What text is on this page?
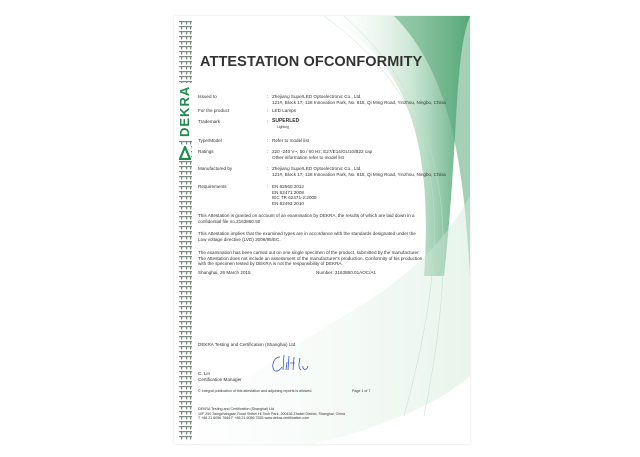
DEKRA
ATTESTATION OFCONFORMITY
Issued to	: Zhejiang SuperLED Optoelectronic Co., Ltd.
121#, Block 17, 128 Innovation Park, No. 818, Qi Ming Road, Yinzhou, Ningbo, China
For the product	: LED Lamps
Trademark	: SUPERLED
Lighting
Type/Model	: Refer to model list
Ratings	: 220 -240 V~, 50 / 60 Hz; E27/E14/GU10/B22 cap
Other information refer to model list
Manufactured by	: Zhejiang SuperLED Optoelectronic Co., Ltd.
121#, Block 17, 128 Innovation Park, No. 818, Qi Ming Road, Yinzhou, Ningbo, China
Requirements	: EN 62560:2012
EN 62471:2008
IEC TR 62471-2:2009
EN 62493:2010
This Attestation is granted on account of an examination by DEKRA, the results of which are laid down in a
confidential file no.3163860.50
This Attestation implies that the examined types are in accordance with the standards designated under the
Low voltage directive (LVD) 2006/95/EC.
The examination has been carried out on one single specimen of the product, submitted by the manufacturer.
The Attestation does not include an assessment of the manufacturer's production. Conformity of his production
with the specimen tested by DEKRA is not the responsibility of DEKRA.
Shanghai, 26 March 2015	Number: 3163860.01AOC/A1
DEKRA Testing and Certification (Shanghai) Ltd.
C. Lin
Certification Manager
© Integral publication of this attestation and adjoining reports is allowed.	Page 1 of 7
DEKRA Testing and Certification (Shanghai) Ltd.
10F 250 Jiangchangsan Road Shibei Hi-Tech Park, 200436 Zhabei District, Shanghai, China
T +86 21 6056 7666 F +86 21 6056 7555 www.dekra-certification.com
